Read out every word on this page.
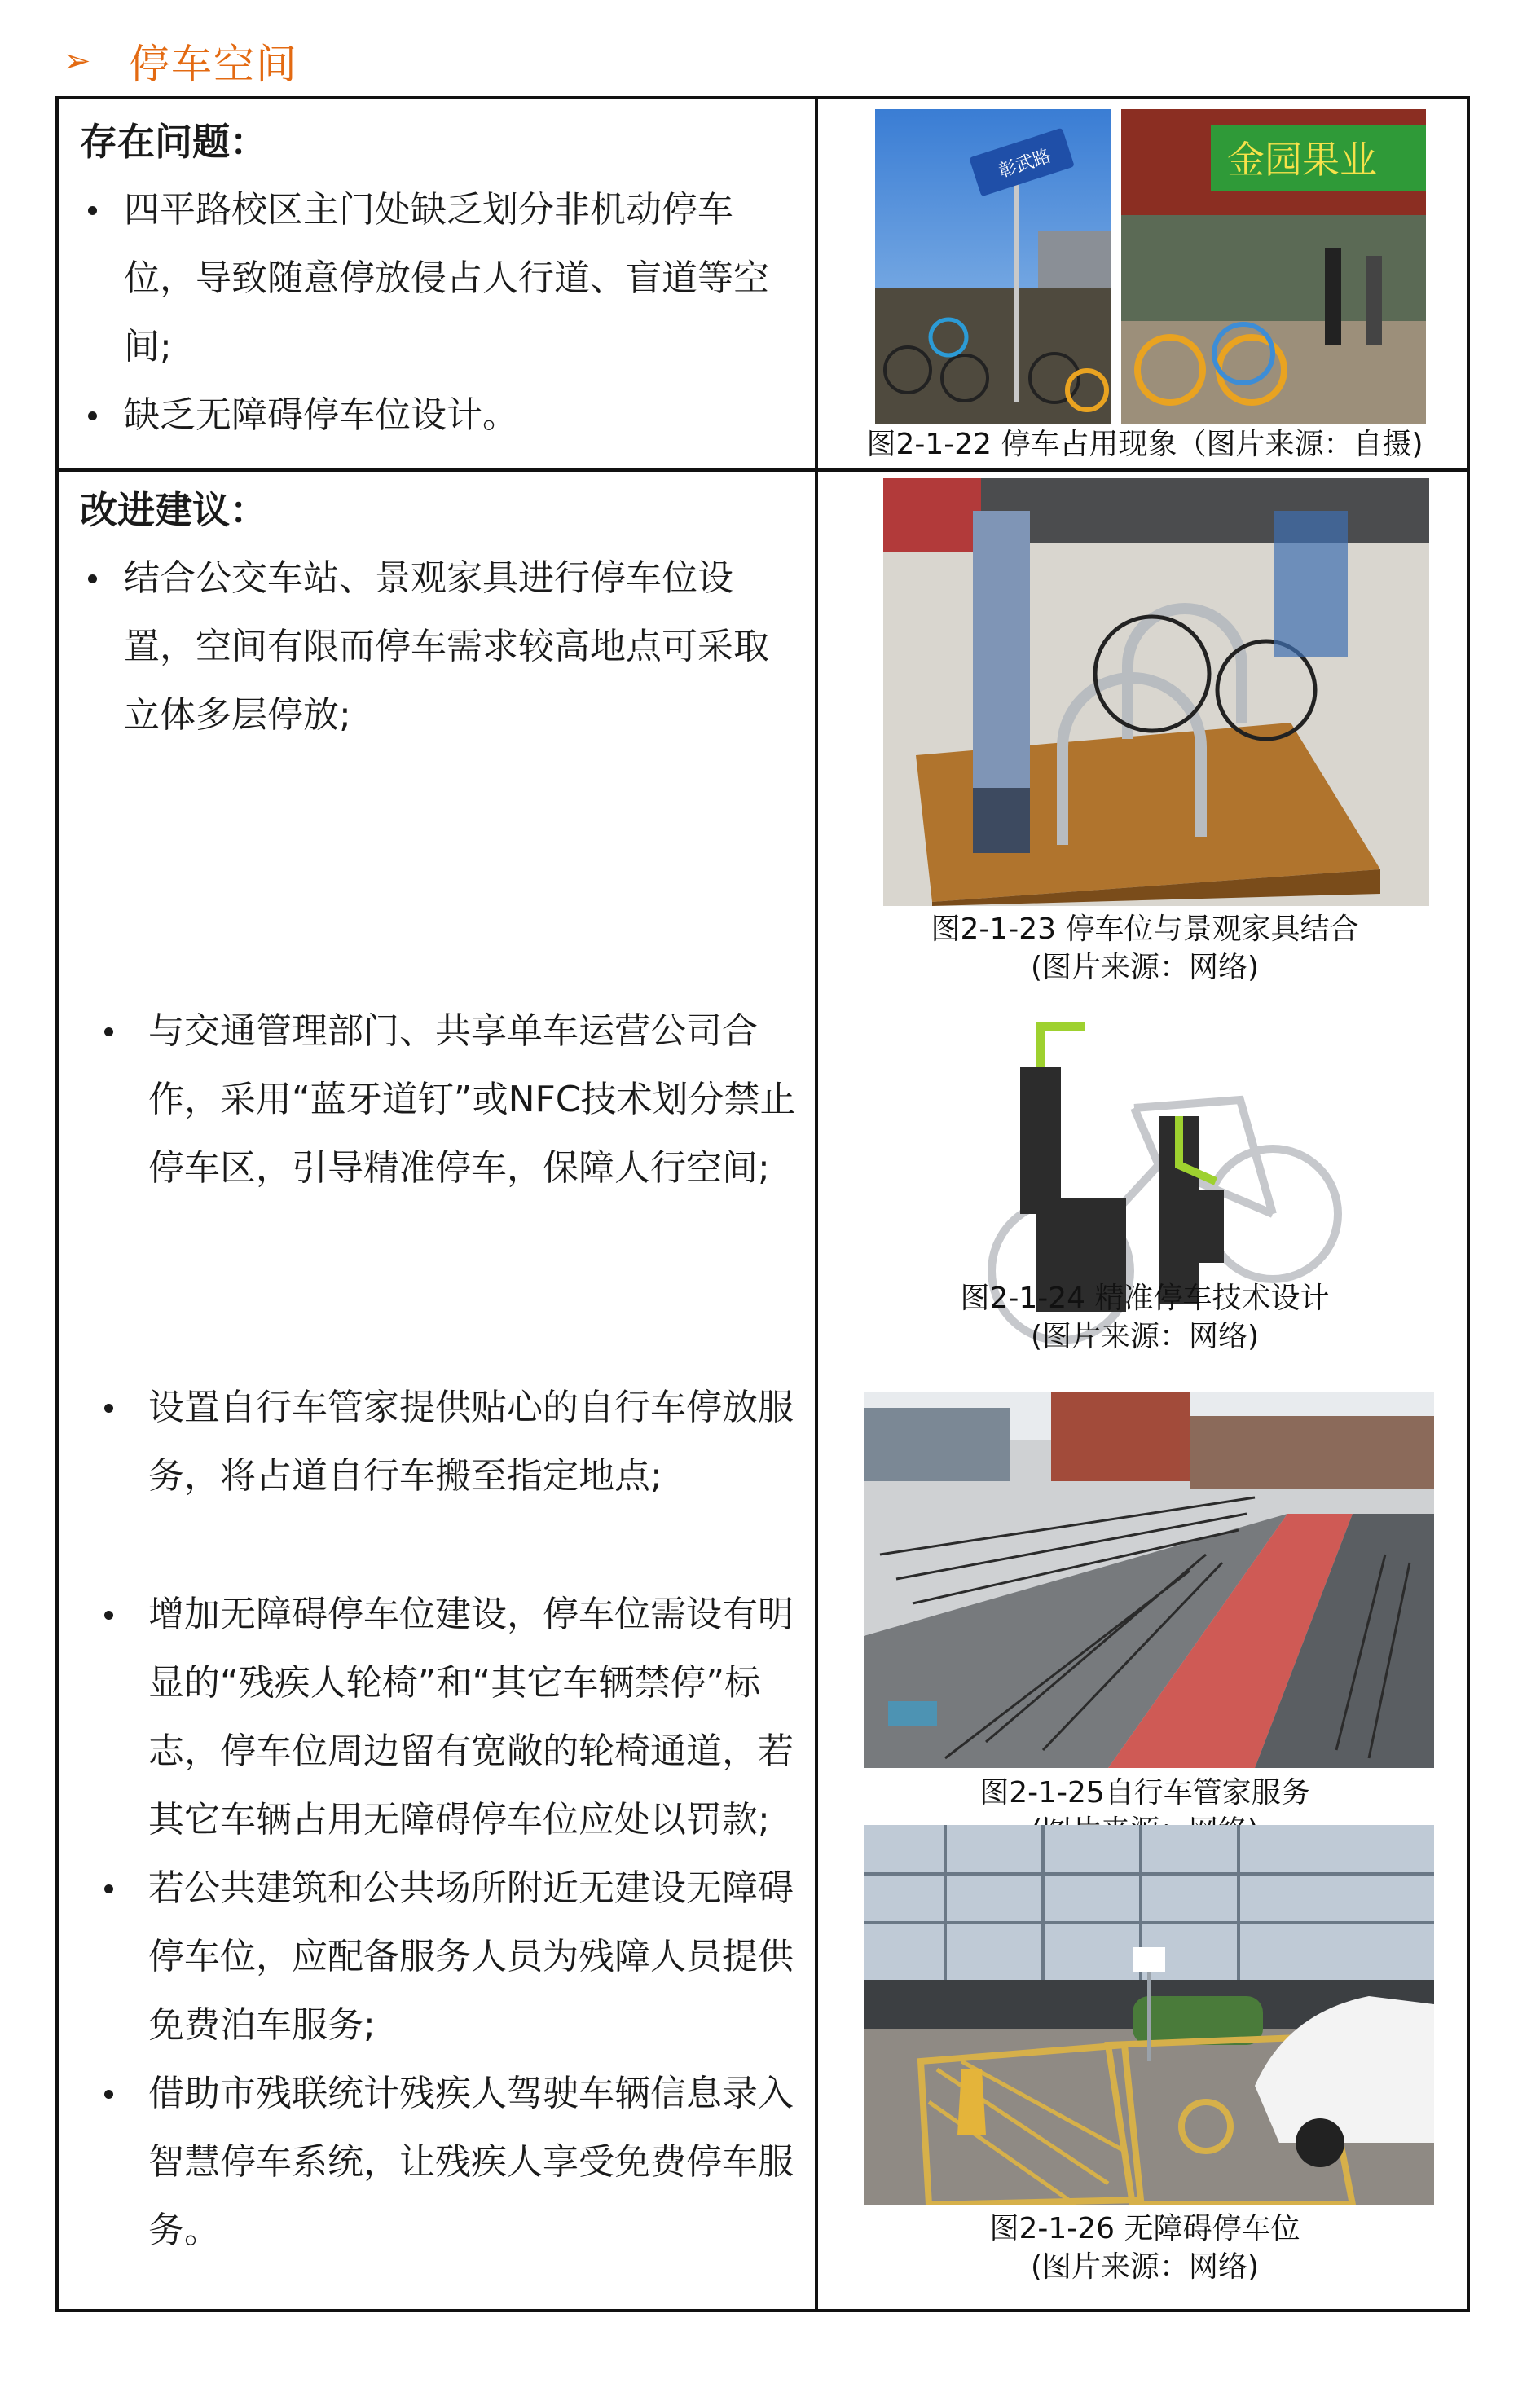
➢ 停车空间
存在问题：
四平路校区主门处缺乏划分非机动停车位，导致随意停放侵占人行道、盲道等空间;
缺乏无障碍停车位设计。
彰武路	金园果业
图2-1-22 停车占用现象（图片来源：自摄)
改进建议：
结合公交车站、景观家具进行停车位设置，空间有限而停车需求较高地点可采取立体多层停放;
与交通管理部门、共享单车运营公司合作，采用“蓝牙道钉”或NFC技术划分禁止停车区，引导精准停车，保障人行空间;
设置自行车管家提供贴心的自行车停放服务，将占道自行车搬至指定地点;
增加无障碍停车位建设，停车位需设有明显的“残疾人轮椅”和“其它车辆禁停”标志，停车位周边留有宽敞的轮椅通道，若其它车辆占用无障碍停车位应处以罚款;
若公共建筑和公共场所附近无建设无障碍停车位，应配备服务人员为残障人员提供免费泊车服务;
借助市残联统计残疾人驾驶车辆信息录入智慧停车系统，让残疾人享受免费停车服务。
图2-1-23 停车位与景观家具结合
(图片来源：网络)
图2-1-24 精准停车技术设计
(图片来源：网络)
图2-1-25自行车管家服务
图2-1-26 无障碍停车位
(图片来源：网络)
